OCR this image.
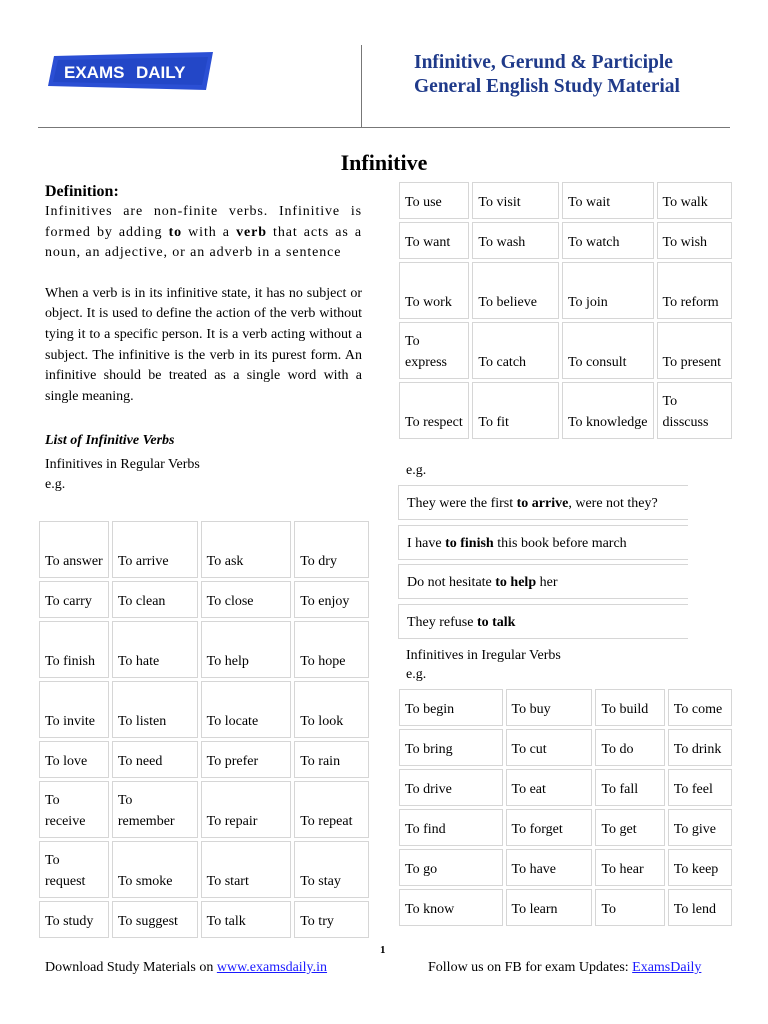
EXAMS DAILY	Infinitive, Gerund & Participle
General English Study Material
Infinitive
Definition:
Infinitives are non-finite verbs. Infinitive is formed by adding to with a verb that acts as a noun, an adjective, or an adverb in a sentence
When a verb is in its infinitive state, it has no subject or object. It is used to define the action of the verb without tying it to a specific person. It is a verb acting without a subject. The infinitive is the verb in its purest form. An infinitive should be treated as a single word with a single meaning.
List of Infinitive Verbs
Infinitives in Regular Verbs
e.g.
To answer	To arrive	To ask	To dry
To carry	To clean	To close	To enjoy
To finish	To hate	To help	To hope
To invite	To listen	To locate	To look
To love	To need	To prefer	To rain
To receive	To remember	To repair	To repeat
To request	To smoke	To start	To stay
To study	To suggest	To talk	To try
To use	To visit	To wait	To walk
To want	To wash	To watch	To wish
To work	To believe	To join	To reform
To express	To catch	To consult	To present
To respect	To fit	To knowledge	To disscuss
e.g.
They were the first to arrive, were not they?
I have to finish this book before march
Do not hesitate to help her
They refuse to talk
Infinitives in Iregular Verbs
e.g.
To begin	To buy	To build	To come
To bring	To cut	To do	To drink
To drive	To eat	To fall	To feel
To find	To forget	To get	To give
To go	To have	To hear	To keep
To know	To learn	To	To lend
1
Download Study Materials on www.examsdaily.in	Follow us on FB for exam Updates: ExamsDaily
